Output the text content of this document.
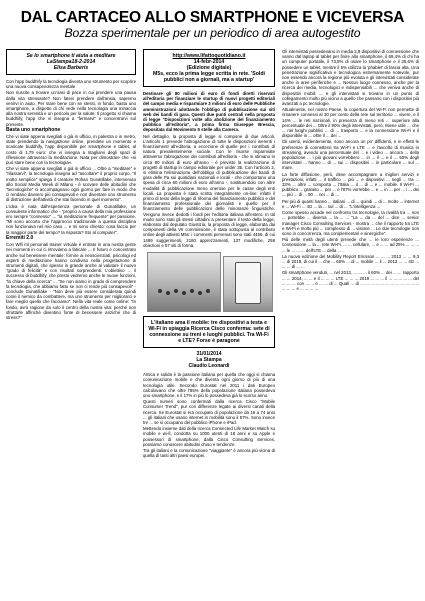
DAL CARTACEO ALLO SMARTPHONE E VICEVERSA
Bozza sperimentale per un periodico di area autogestito
Se lo smartphone ti aiuta a meditare
LaStampa18-2-2014
Elisa Barberis

Con l'app buddhify la tecnologia diventa uno strumento per scoprire una nuova consapevolezza mentale

Non riuscite a trovare un'oasi di pace in cui prendere una pausa dalla vita stressante? Non fatevi prendere dall'ansia, sapremo venirvi in aiuto. Per stare bene con se stessi, in fondo, basta uno smartphone, a dispetto di chi vede nella tecnologia una minaccia alla nostra serenità e un pericolo per la salute. Il progetto si chiama buddhify, l'app che vi insegna a "fermarvi" e concentrarvi sul presente.

Basta uno smartphone

Che vi siate appena svegliati o già in ufficio, in palestra o in metro, state prendendo la navigazione online, prendete un momento e scaricate buddhify, l'app disponibile per smartphone e tablet, al costo di 1,79 euro: che vi insegna a ritagliarvi degli spazi di riflessione attraverso la meditazione. Nata per dimostrare che «si può stare bene con la tecnologia».

Che vi siate appena svegliati o già in ufficio ... Oltre a "meditare" e "rilassarvi", la tecnologia insegna ad "ascoltare" il proprio corpo. "Il motto semplice" spiega il creatore Rohan Gunatillake, intervenuto allo Social Media Week di Milano - è scovare delle abitudini che "tecnologiche" ci accompagnano ogni giorno per fare in modo che ci rendano davvero più consapevoli e non diventare uno strumento di distrazione dell'attività che stai facendo in quel momento".

L'idea è nata dall'esperienza personale di Gunatillake, un consulente informatico che - "proprio a causa della mia professione ero sempre "connesso" ... "la meditazione frequente" per passione. "Mi sono accorto che l'approccio tradizionale a questa disciplina non funzionava nel mio caso ... e mi sono chiesto: cosa faccio per la maggior parte del tempo? la risposta? Sto al computer".

Erremiti 2.0

Con Wifi ml personali trainer virtuale è entrato in una nostra gente nei momenti in cui ci ritroviamo a faticare ... Il futuro e concentrato anche sul benessere mentale: fornire ai neoscienziati, psicologi ed esperti di meditazione hanno condiviso nella progettazione di strumenti digitali, che spesso in grande anche al valutare il nuovo "grado di felicità" e con risultati sorprendenti. L'obiettivo ... il successo di buddhify, che presto vedremo anche le nuove funzioni, "la chiave della ricerca" ... "Se non siamo in grado di comprendere la tecnologia, che abbiamo fatto se non ci rende più consapevoli" - conclude Gunatillake - "Non deve più essere considerata quindi come il nemico da combattere, ma uno strumento per migliorarci e fare meglio quello che facciamo". Nella vita reale come online: "In fondo, avrò ragione da solo il centro della nostra vita: perché non sfruttarle affinché diventino fonte di benessere anziché che di stress?"

http://www.lifattoquotidiano.it
14-febr-2014
(Edizione digitale)
M5s, ecco la prima legge scritta in rete. 'Soldi pubblici non a giornali, ma a startup'

Destinare gli 80 milioni di euro di fondi diretti riservati all'editoria per finanziare le startup di nuovi progetti editoriali del campo media e risparmiare 3 milioni di euro delle Pubbliche amministrazioni adottando l'obbligo di pubblicazione sui siti web dei bandi di gara. Questi due punti centrali nella proposta di legge "Disposizioni volte alla abolizione del finanziamento pubblico all'editoria", a prima firma Giuseppe Brescia, depositata dal Movimento 5 stelle alla Camera.

Nel dettaglio, la proposta di legge si compone di due articoli. L'articolo 1 prevede l'abrogazione di tutte le disposizioni inerenti i finanziamenti all'editoria, a eccezione di quelle per i contributi di natura prevalentemente sociale. Con le risorse risparmiate attraverso l'abrogazione dei contributi all'editoria - che si stimano in circa 80 milioni di euro all'anno - è previsto la realizzazione di progetti di startup in campo editoriale per under 35. Con l'articolo 2, si elimina l'eliminazione dell'obbligo di pubblicazione dei bandi di gara delle Pa sui quotidiani nazionali e locali - che comportano una spesa di circa 60 milioni di euro all'anno -, sostituendolo con altre modalità di pubblicazione meno onerose per le casse degli enti locali. La proposta è stata scritta integralmente on-line: infatti il primo di testo della legge di riforma del finanziamento pubblico e del finanziamento professionale dei giornalisti e quello per il finanziamento delle pubblicazioni delle minoranze linguistiche. Vengono invece dedotti i fondi per l'editoria italiana all'estero. In tal modo sono stati gli stessi cittadini a presentare il testo della legge, elaborato dal deputato Giustizia, la proposta di legge, elaborata dai componenti della VII commissione, è stata sottoposta al contributo online degli attivisti M5s: i commenti pervenuti sono stati 4456, di cui 1469 suggerimenti, 2160 apprezzamenti, 137 modifiche, 258 obiezioni e 57 siti di forma.

L'italiano ama il mobile: tre dispositivi a testa e Wi-Fi in spiaggia Ricerca Cisco conferma: sete di connessione su treni e luoghi pubblici. Tra Wi-Fi e LTE? Forse è paragone
31/01/2014
La Stampa
Claudio Leonardi

Antica e solida è la passione italiana per quella che oggi si chiama comunicazione mobile e che diventa ogni giorno di più di una tecnologia utile. Secondo Eurostat nel 2011 i dati Europeo calcolavano che oltre l'85% della popolazione italiana possedeva uno smartphone, e il 17% in più lo possedeva già lo scorso anno.

Questi numeri sono confermati dalla ricerca Cisco "Mobile Consumer Trend", pur con differenze legate ai diversi canali della ricerca. Se Eurostat si era occupato di popolazione da 16 a 74 anni ... gli italiani che usano internet in mobilità sono il 57%. Sono invece tre ... se si occupano del pubblico iPhone e iPad.

Mettendo insieme dati della ricerca Connected Life Market Watch su mobile e wi-fi, condotta su 1000 utenti di 18 anni e su Apple e possessori di smartphone, dalla Cisco Consulting Services, possiamo conoscere abitudini d'uso e tendenze.

Tra gli italiani e la comunicazione "viaggiante" è ancora più vicina di quella di tanti altri paesi europei.

Gli intervistati possedevano in media 2,9 dispositivi di connessione che vanno dal laptop al tablet per finire allo smartphone, il 69,4% di chi ha un computer portatile, il 73,5% di usare lo smartphone e il 35,6% di possedere un tablet, mentre il 5% utilizza la 'phablet' di fascia alta. Una penetrazione significativa e tecnologica estremamente notevole, pur non essendo ancora la regione più evoluta e gli intervistati considerate anche in aree periferiche e ... Nessun luogo connesso, anche per la ricerca dei media, tecnologici e indispensabili ... che veniva anche di dispositivi mobili ... e gli intervistati si trovano in un punto di collegamento molto più vicino a quello che passano con i dispositivi più avanzati a pc tecnologie.

Attualmente, nel nostro Paese, la copertura del Wi-Fi non permette di rimanere connessi al 30 per cento della rete sul territorio ... vivere, e il 14% ... le reti nazionali, in presenza di meno reti ... superiore alla percentuale dei ... Oltre il 90% degli intervistati, però, ritiene utile ... che ... nei luoghi pubblici ... di ... trasporto ... e la connessione Wi-Fi e il disponibile in ... oltre il ... dei ...

Gli utenti, evidentemente, sono ancora un po' diffidenti, e in effetti le preferenze di connettersi tra Wi-Fi e LTE ... e l'ascolto di musica in streaming, avendo una percentuale del ... e i video ... ancora ... della popolazione ... i più giovani vorrebbero ... in ... il ... e il ... 50% degli intervistati ... hanno ... di ... sui ... dispositivi ... in particolare ... sul ... mare.

La forte diffusione, però, deve accompagnare a migliori servizi e prestazioni, infatti ... il traffico ... più ... e dispositivi ... negli ... tra ... 33% ... oltre ... comporta ... l'Italia ... il ... di ... e ... mobile. Il Wi-Fi ... pubblico ... gratuito ... per ... e l'87% vorrebbe ... e ... in ... per ... i ... dei ... più ... di ... 90 ... nei ... di ...

Per più di quanti hanno ... italiani ... di ... quindi ... di ... molto ... internet e ... Wi-Fi ... 4G ... la ... sul ... di ... "L'intelligenza ...

Come spesso accade nel confronto tra tecnologie, la rivalità tra ... non ... potrebbe ... diversa ... la ... ... "La ... da ... del ... dice ... senior manager Cisco Consulting Services - mostra ... che il rapporto tra LTE e Wi-Fi e molto più ... complesso di ... visione ... Le due tecnologie non sono in concorrenza, ma complementari e sinergiche".

Più delle metà degli utenti prevede che ... le loro esperienze ... connessione ... la ... rete Wi-Fi, ... ... cellulare, ... e ... ... ad 25% ... ... ... ... le ... ... ... dell'LTE ... della ... .

La nuova edizione del Mobility Report Ericsson ... ... ... 2013 ... ... 9,3 ... di 2019, di cui il ... che ... 60% ... di ... mobile ... il ... 2013 ... ... 4G ... ... ... di ... ...

Gli smartphone venduti, ... nel 2013, ... ... ... il 60% ... dei ... ... rapporto ... ... 2014, ... ... e il ... ... ... LTE ... ... ... 2019 ... ... ... il ... ... ... ... ... del ... ... ... con ... ... e ... ... di ... Quali ... di ... ... ... ... ... ... ... ... ... ... ... ... ... ... ... e ... ... ... ...
